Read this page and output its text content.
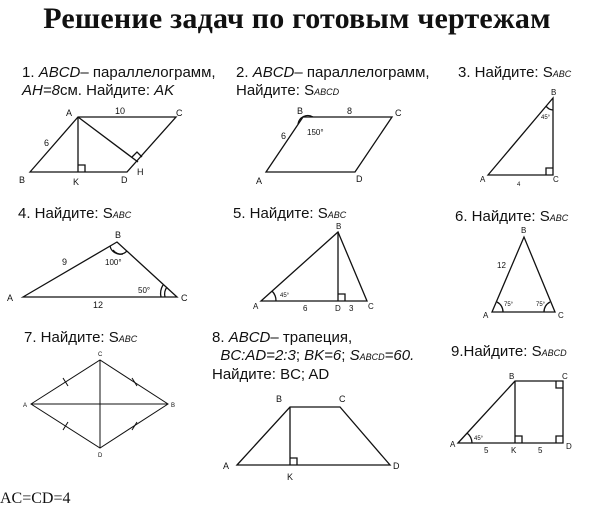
Решение задач по готовым чертежам
1. ABCD– параллелограмм,
AH=8см. Найдите: AK
2. ABCD– параллелограмм,
Найдите: SABCD
3. Найдите: SABC
4. Найдите: SABC	5. Найдите: SABC	6. Найдите: SABC
7. Найдите: SABC	8. ABCD– трапеция,
BC:AD=2:3; BK=6; SABCD=60.
Найдите: BC; AD
9.Найдите: SABCD
A	C
B	K	D
H
10
6
A
B	C
D
8
6	150°
B
A	C
45°
4
A
B
C
9
12
100°
50°
B
A	C
D
45°
6	3
B
A	C
12
75°	75°
C
A	B
D
B	C
A	D
K
B	C
A
K	D
45°
5	5
AC=CD=4
